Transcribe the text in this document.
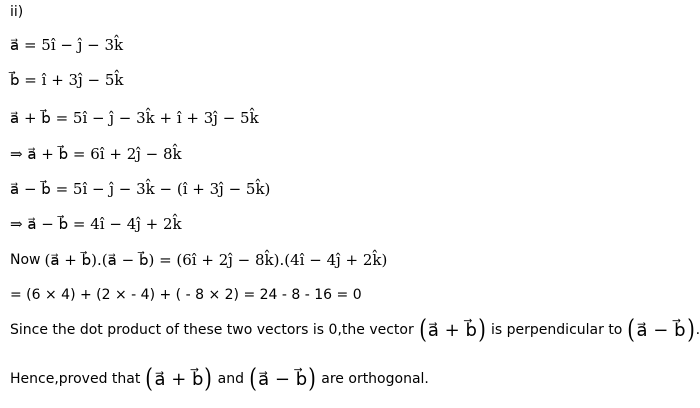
ii)
a⃗ = 5î − ĵ − 3k̂
b⃗ = î + 3ĵ − 5k̂
a⃗ + b⃗ = 5î − ĵ − 3k̂ + î + 3ĵ − 5k̂
⇒ a⃗ + b⃗ = 6î + 2ĵ − 8k̂
a⃗ − b⃗ = 5î − ĵ − 3k̂ − (î + 3ĵ − 5k̂)
⇒ a⃗ − b⃗ = 4î − 4ĵ + 2k̂
Now (a⃗ + b⃗).(a⃗ − b⃗) = (6î + 2ĵ − 8k̂).(4î − 4ĵ + 2k̂)
= (6 × 4) + (2 × - 4) + ( - 8 × 2) = 24 - 8 - 16 = 0
Since the dot product of these two vectors is 0,the vector ( a⃗ + b⃗ ) is perpendicular to ( a⃗ − b⃗ ) .
Hence,proved that ( a⃗ + b⃗ ) and ( a⃗ − b⃗ ) are orthogonal.
